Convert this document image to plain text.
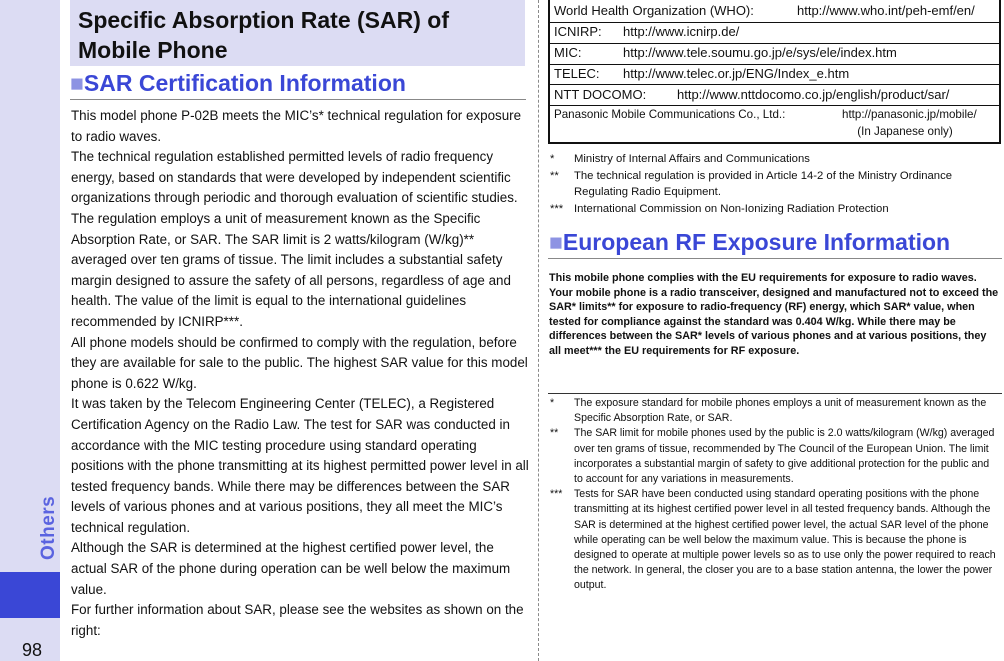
Others
98
Specific Absorption Rate (SAR) of Mobile Phone
■SAR Certification Information

This model phone P-02B meets the MIC’s* technical regulation for exposure to radio waves.

The technical regulation established permitted levels of radio frequency energy, based on standards that were developed by independent scientific organizations through periodic and thorough evaluation of scientific studies. The regulation employs a unit of measurement known as the Specific Absorption Rate, or SAR. The SAR limit is 2 watts/kilogram (W/kg)** averaged over ten grams of tissue. The limit includes a substantial safety margin designed to assure the safety of all persons, regardless of age and health. The value of the limit is equal to the international guidelines recommended by ICNIRP***.

All phone models should be confirmed to comply with the regulation, before they are available for sale to the public. The highest SAR value for this model phone is 0.622 W/kg.

It was taken by the Telecom Engineering Center (TELEC), a Registered Certification Agency on the Radio Law. The test for SAR was conducted in accordance with the MIC testing procedure using standard operating positions with the phone transmitting at its highest permitted power level in all tested frequency bands. While there may be differences between the SAR levels of various phones and at various positions, they all meet the MIC’s technical regulation.

Although the SAR is determined at the highest certified power level, the actual SAR of the phone during operation can be well below the maximum value.

For further information about SAR, please see the websites as shown on the right:

World Health Organization (WHO):	http://www.who.int/peh-emf/en/
ICNIRP: http://www.icnirp.de/
MIC:	http://www.tele.soumu.go.jp/e/sys/ele/index.htm
TELEC: http://www.telec.or.jp/ENG/Index_e.htm
NTT DOCOMO: http://www.nttdocomo.co.jp/english/product/sar/
Panasonic Mobile Communications Co., Ltd.:	http://panasonic.jp/mobile/
(In Japanese only)
* Ministry of Internal Affairs and Communications
** The technical regulation is provided in Article 14-2 of the Ministry Ordinance Regulating Radio Equipment.
*** International Commission on Non-Ionizing Radiation Protection
■European RF Exposure Information

This mobile phone complies with the EU requirements for exposure to radio waves.

Your mobile phone is a radio transceiver, designed and manufactured not to exceed the SAR* limits** for exposure to radio-frequency (RF) energy, which SAR* value, when tested for compliance against the standard was 0.404 W/kg. While there may be differences between the SAR* levels of various phones and at various positions, they all meet*** the EU requirements for RF exposure.

* The exposure standard for mobile phones employs a unit of measurement known as the Specific Absorption Rate, or SAR.
** The SAR limit for mobile phones used by the public is 2.0 watts/kilogram (W/kg) averaged over ten grams of tissue, recommended by The Council of the European Union. The limit incorporates a substantial margin of safety to give additional protection for the public and to account for any variations in measurements.
*** Tests for SAR have been conducted using standard operating positions with the phone transmitting at its highest certified power level in all tested frequency bands. Although the SAR is determined at the highest certified power level, the actual SAR level of the phone while operating can be well below the maximum value. This is because the phone is designed to operate at multiple power levels so as to use only the power required to reach the network. In general, the closer you are to a base station antenna, the lower the power output.
